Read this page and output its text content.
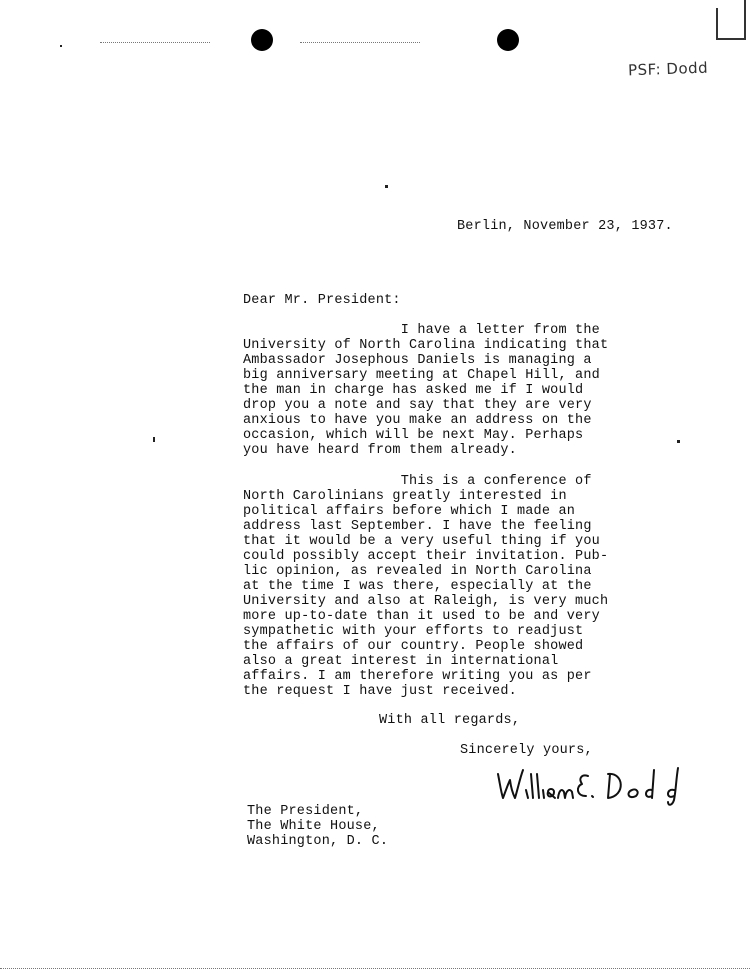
PSF: Dodd
Berlin, November 23, 1937.
Dear Mr. President:
I have a letter from the
University of North Carolina indicating that
Ambassador Josephous Daniels is managing a
big anniversary meeting at Chapel Hill, and
the man in charge has asked me if I would
drop you a note and say that they are very
anxious to have you make an address on the
occasion, which will be next May. Perhaps
you have heard from them already.
This is a conference of
North Carolinians greatly interested in
political affairs before which I made an
address last September. I have the feeling
that it would be a very useful thing if you
could possibly accept their invitation. Pub-
lic opinion, as revealed in North Carolina
at the time I was there, especially at the
University and also at Raleigh, is very much
more up-to-date than it used to be and very
sympathetic with your efforts to readjust
the affairs of our country. People showed
also a great interest in international
affairs. I am therefore writing you as per
the request I have just received.
With all regards,
Sincerely yours,
The President,
The White House,
Washington, D. C.
